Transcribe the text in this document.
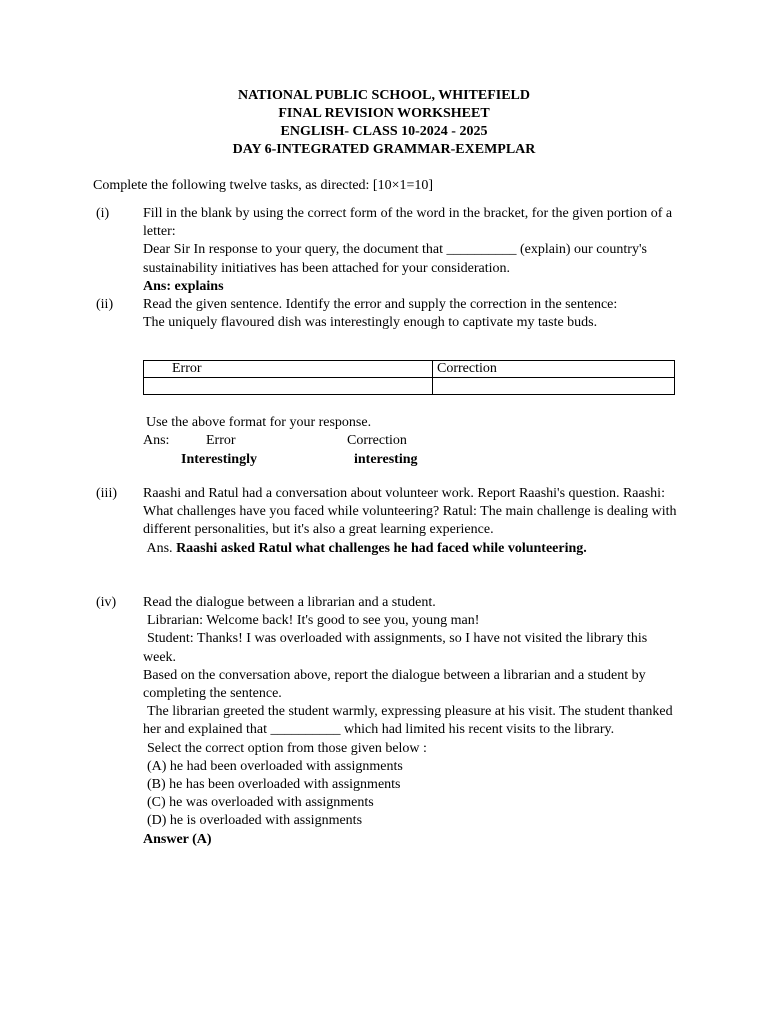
NATIONAL PUBLIC SCHOOL, WHITEFIELD
FINAL REVISION WORKSHEET
ENGLISH- CLASS 10-2024 - 2025
DAY 6-INTEGRATED GRAMMAR-EXEMPLAR
Complete the following twelve tasks, as directed: [10×1=10]
(i) Fill in the blank by using the correct form of the word in the bracket, for the given portion of a letter:

Dear Sir In response to your query, the document that __________ (explain) our country's sustainability initiatives has been attached for your consideration.

Ans: explains

(ii) Read the given sentence. Identify the error and supply the correction in the sentence:

The uniquely flavoured dish was interestingly enough to captivate my taste buds.

Error	Correction

Use the above format for your response.
Ans:	Error	Correction
Interestingly	interesting
(iii) Raashi and Ratul had a conversation about volunteer work. Report Raashi's question. Raashi: What challenges have you faced while volunteering? Ratul: The main challenge is dealing with different personalities, but it's also a great learning experience.

Ans. Raashi asked Ratul what challenges he had faced while volunteering.

(iv) Read the dialogue between a librarian and a student.

Librarian: Welcome back! It's good to see you, young man!

Student: Thanks! I was overloaded with assignments, so I have not visited the library this week.

Based on the conversation above, report the dialogue between a librarian and a student by completing the sentence.

The librarian greeted the student warmly, expressing pleasure at his visit. The student thanked her and explained that __________ which had limited his recent visits to the library.

Select the correct option from those given below :

(A) he had been overloaded with assignments

(B) he has been overloaded with assignments

(C) he was overloaded with assignments

(D) he is overloaded with assignments

Answer (A)
